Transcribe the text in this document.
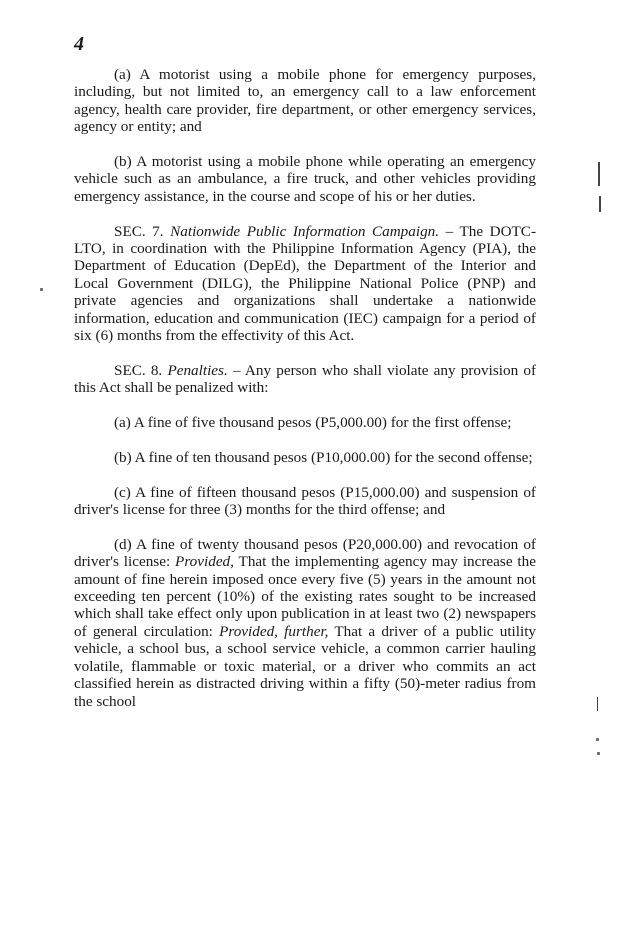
4

(a) A motorist using a mobile phone for emergency purposes, including, but not limited to, an emergency call to a law enforcement agency, health care provider, fire department, or other emergency services, agency or entity; and

(b) A motorist using a mobile phone while operating an emergency vehicle such as an ambulance, a fire truck, and other vehicles providing emergency assistance, in the course and scope of his or her duties.

SEC. 7. Nationwide Public Information Campaign. – The DOTC-LTO, in coordination with the Philippine Information Agency (PIA), the Department of Education (DepEd), the Department of the Interior and Local Government (DILG), the Philippine National Police (PNP) and private agencies and organizations shall undertake a nationwide information, education and communication (IEC) campaign for a period of six (6) months from the effectivity of this Act.

SEC. 8. Penalties. – Any person who shall violate any provision of this Act shall be penalized with:

(a) A fine of five thousand pesos (P5,000.00) for the first offense;

(b) A fine of ten thousand pesos (P10,000.00) for the second offense;

(c) A fine of fifteen thousand pesos (P15,000.00) and suspension of driver's license for three (3) months for the third offense; and

(d) A fine of twenty thousand pesos (P20,000.00) and revocation of driver's license: Provided, That the implementing agency may increase the amount of fine herein imposed once every five (5) years in the amount not exceeding ten percent (10%) of the existing rates sought to be increased which shall take effect only upon publication in at least two (2) newspapers of general circulation: Provided, further, That a driver of a public utility vehicle, a school bus, a school service vehicle, a common carrier hauling volatile, flammable or toxic material, or a driver who commits an act classified herein as distracted driving within a fifty (50)-meter radius from the school
